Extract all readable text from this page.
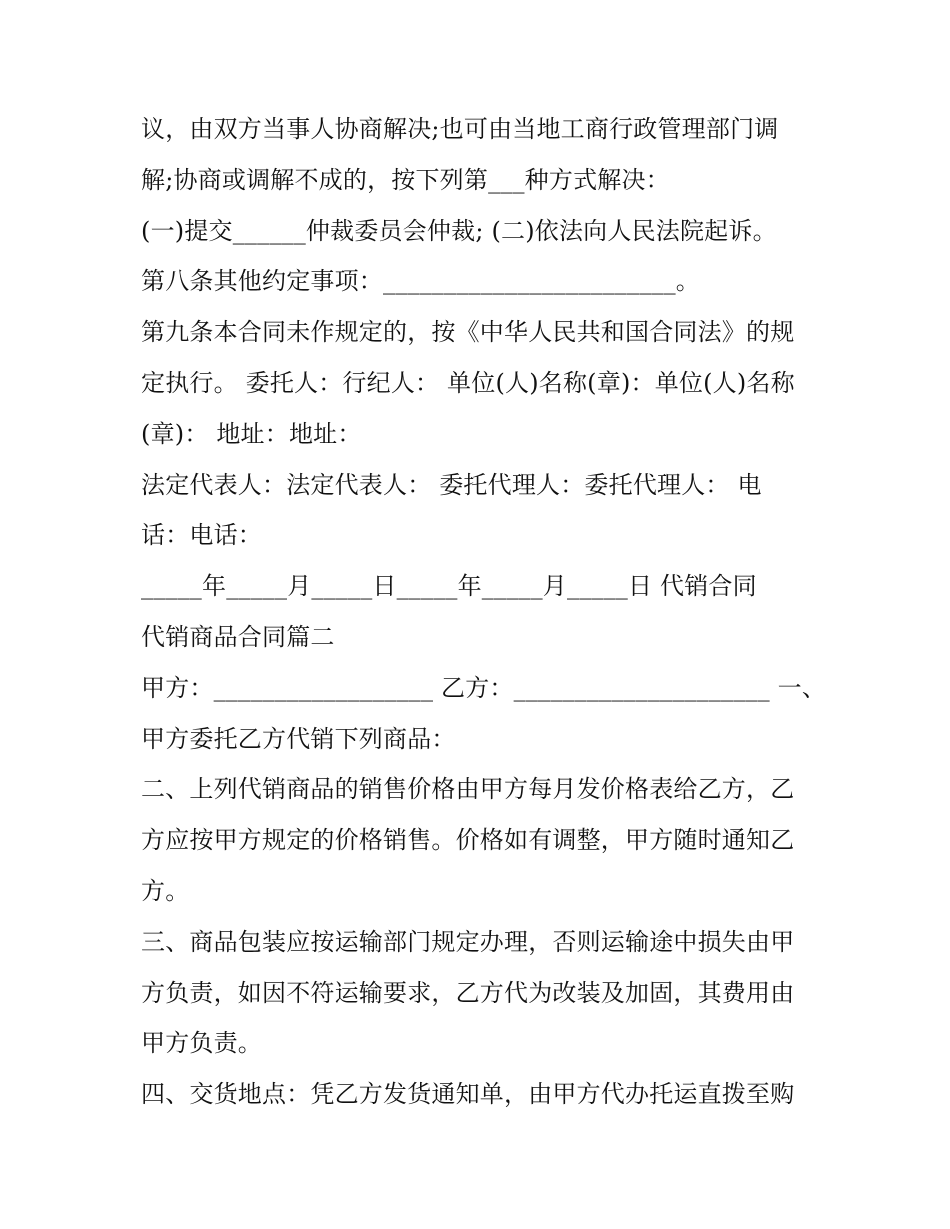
议，由双方当事人协商解决;也可由当地工商行政管理部门调
解;协商或调解不成的，按下列第___种方式解决：
(一)提交______仲裁委员会仲裁; (二)依法向人民法院起诉。
第八条其他约定事项：________________________。
第九条本合同未作规定的，按《中华人民共和国合同法》的规
定执行。 委托人：行纪人： 单位(人)名称(章)：单位(人)名称
(章)： 地址：地址：
法定代表人：法定代表人： 委托代理人：委托代理人： 电
话：电话：
_____年_____月_____日_____年_____月_____日 代销合同
代销商品合同篇二
甲方：__________________ 乙方：_____________________ 一、
甲方委托乙方代销下列商品：
二、上列代销商品的销售价格由甲方每月发价格表给乙方，乙
方应按甲方规定的价格销售。价格如有调整，甲方随时通知乙
方。
三、商品包装应按运输部门规定办理，否则运输途中损失由甲
方负责，如因不符运输要求，乙方代为改装及加固，其费用由
甲方负责。
四、交货地点：凭乙方发货通知单，由甲方代办托运直拨至购
